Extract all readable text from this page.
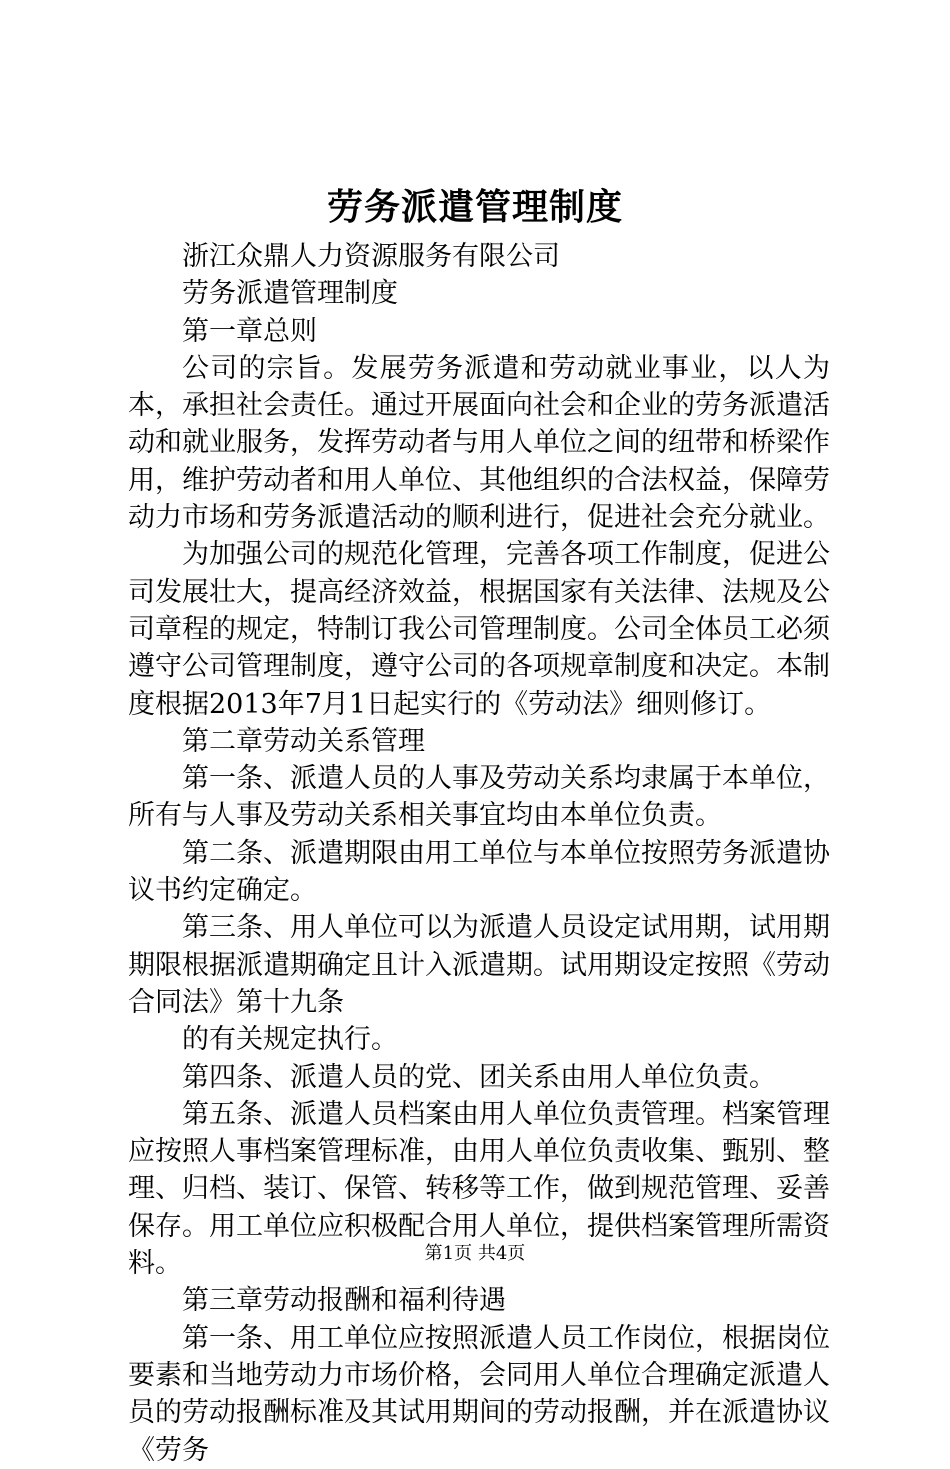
劳务派遣管理制度

浙江众鼎人力资源服务有限公司

劳务派遣管理制度

第一章总则

公司的宗旨。发展劳务派遣和劳动就业事业，以人为本，承担社会责任。通过开展面向社会和企业的劳务派遣活动和就业服务，发挥劳动者与用人单位之间的纽带和桥梁作用，维护劳动者和用人单位、其他组织的合法权益，保障劳动力市场和劳务派遣活动的顺利进行，促进社会充分就业。

为加强公司的规范化管理，完善各项工作制度，促进公司发展壮大，提高经济效益，根据国家有关法律、法规及公司章程的规定，特制订我公司管理制度。公司全体员工必须遵守公司管理制度，遵守公司的各项规章制度和决定。本制度根据2013年7月1日起实行的《劳动法》细则修订。

第二章劳动关系管理

第一条、派遣人员的人事及劳动关系均隶属于本单位，所有与人事及劳动关系相关事宜均由本单位负责。

第二条、派遣期限由用工单位与本单位按照劳务派遣协议书约定确定。

第三条、用人单位可以为派遣人员设定试用期，试用期期限根据派遣期确定且计入派遣期。试用期设定按照《劳动合同法》第十九条

的有关规定执行。

第四条、派遣人员的党、团关系由用人单位负责。

第五条、派遣人员档案由用人单位负责管理。档案管理应按照人事档案管理标准，由用人单位负责收集、甄别、整理、归档、装订、保管、转移等工作，做到规范管理、妥善保存。用工单位应积极配合用人单位，提供档案管理所需资料。

第三章劳动报酬和福利待遇

第一条、用工单位应按照派遣人员工作岗位，根据岗位要素和当地劳动力市场价格，会同用人单位合理确定派遣人员的劳动报酬标准及其试用期间的劳动报酬，并在派遣协议《劳务

第1页 共4页
